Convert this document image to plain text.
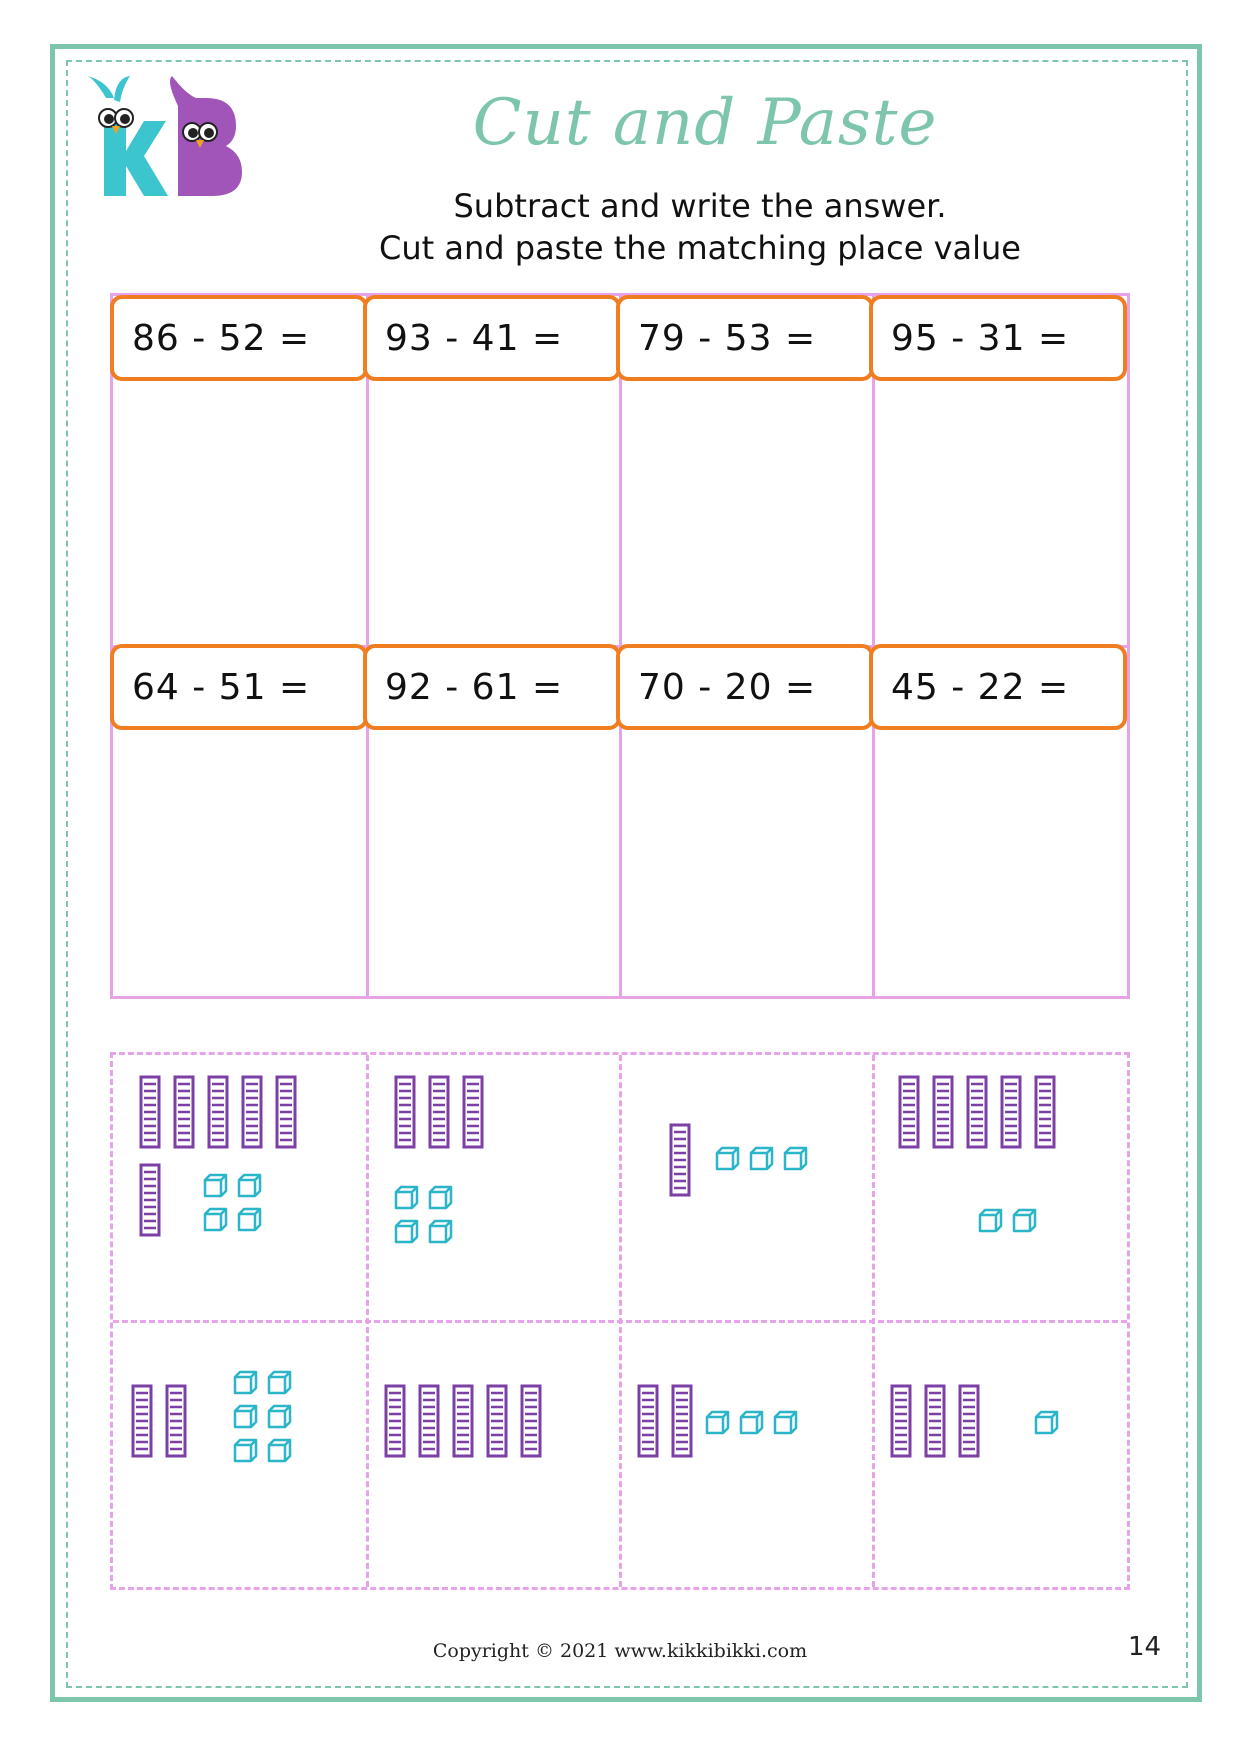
KB
Cut and Paste
Subtract and write the answer.
Cut and paste the matching place value
86 - 52 =	93 - 41 =	79 - 53 =	95 - 31 =
64 - 51 =	92 - 61 =	70 - 20 =	45 - 22 =
Copyright © 2021 www.kikkibikki.com	14
